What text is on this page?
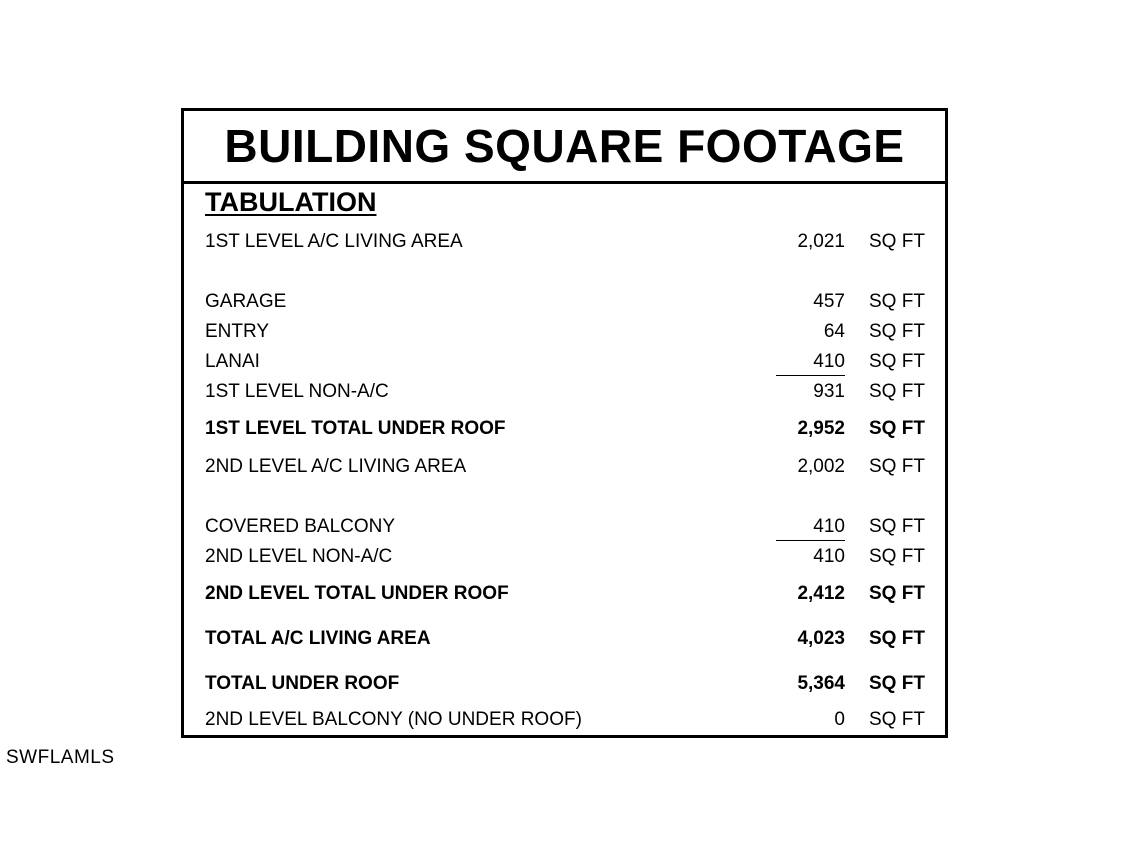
BUILDING SQUARE FOOTAGE
TABULATION
1ST LEVEL A/C LIVING AREA	2,021 SQ FT
GARAGE	457 SQ FT
ENTRY	64 SQ FT
LANAI	410 SQ FT
1ST LEVEL NON-A/C	931 SQ FT
1ST LEVEL TOTAL UNDER ROOF	2,952 SQ FT
2ND LEVEL A/C LIVING AREA	2,002 SQ FT
COVERED BALCONY	410 SQ FT
2ND LEVEL NON-A/C	410 SQ FT
2ND LEVEL TOTAL UNDER ROOF	2,412 SQ FT
TOTAL A/C LIVING AREA	4,023 SQ FT
TOTAL UNDER ROOF	5,364 SQ FT
2ND LEVEL BALCONY (NO UNDER ROOF)	0 SQ FT
SWFLAMLS
